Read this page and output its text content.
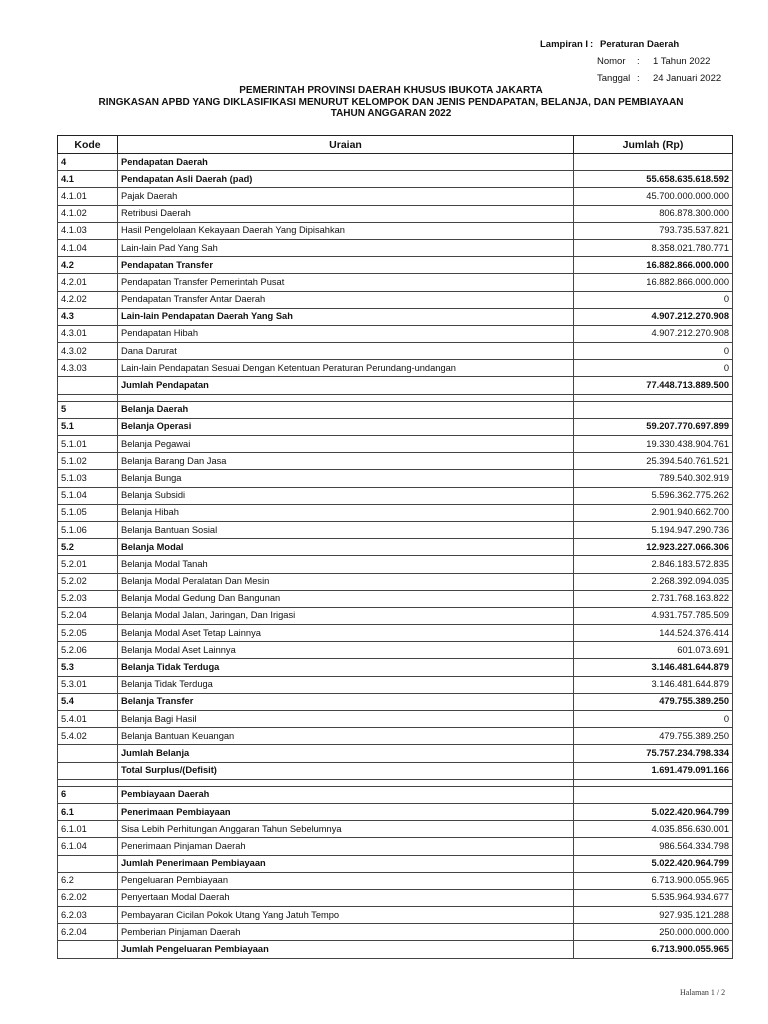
Lampiran I : Peraturan Daerah
Nomor	:	1 Tahun 2022
Tanggal :	24 Januari 2022
PEMERINTAH PROVINSI DAERAH KHUSUS IBUKOTA JAKARTA
RINGKASAN APBD YANG DIKLASIFIKASI MENURUT KELOMPOK DAN JENIS PENDAPATAN, BELANJA, DAN PEMBIAYAAN
TAHUN ANGGARAN 2022
Kode	Uraian	Jumlah (Rp)
4	Pendapatan Daerah	
4.1	Pendapatan Asli Daerah (pad)	55.658.635.618.592
4.1.01	Pajak Daerah	45.700.000.000.000
4.1.02	Retribusi Daerah	806.878.300.000
4.1.03	Hasil Pengelolaan Kekayaan Daerah Yang Dipisahkan	793.735.537.821
4.1.04	Lain-lain Pad Yang Sah	8.358.021.780.771
4.2	Pendapatan Transfer	16.882.866.000.000
4.2.01	Pendapatan Transfer Pemerintah Pusat	16.882.866.000.000
4.2.02	Pendapatan Transfer Antar Daerah	0
4.3	Lain-lain Pendapatan Daerah Yang Sah	4.907.212.270.908
4.3.01	Pendapatan Hibah	4.907.212.270.908
4.3.02	Dana Darurat	0
4.3.03	Lain-lain Pendapatan Sesuai Dengan Ketentuan Peraturan Perundang-undangan	0
	Jumlah Pendapatan	77.448.713.889.500

5	Belanja Daerah	
5.1	Belanja Operasi	59.207.770.697.899
5.1.01	Belanja Pegawai	19.330.438.904.761
5.1.02	Belanja Barang Dan Jasa	25.394.540.761.521
5.1.03	Belanja Bunga	789.540.302.919
5.1.04	Belanja Subsidi	5.596.362.775.262
5.1.05	Belanja Hibah	2.901.940.662.700
5.1.06	Belanja Bantuan Sosial	5.194.947.290.736
5.2	Belanja Modal	12.923.227.066.306
5.2.01	Belanja Modal Tanah	2.846.183.572.835
5.2.02	Belanja Modal Peralatan Dan Mesin	2.268.392.094.035
5.2.03	Belanja Modal Gedung Dan Bangunan	2.731.768.163.822
5.2.04	Belanja Modal Jalan, Jaringan, Dan Irigasi	4.931.757.785.509
5.2.05	Belanja Modal Aset Tetap Lainnya	144.524.376.414
5.2.06	Belanja Modal Aset Lainnya	601.073.691
5.3	Belanja Tidak Terduga	3.146.481.644.879
5.3.01	Belanja Tidak Terduga	3.146.481.644.879
5.4	Belanja Transfer	479.755.389.250
5.4.01	Belanja Bagi Hasil	0
5.4.02	Belanja Bantuan Keuangan	479.755.389.250
	Jumlah Belanja	75.757.234.798.334
	Total Surplus/(Defisit)	1.691.479.091.166

6	Pembiayaan Daerah	
6.1	Penerimaan Pembiayaan	5.022.420.964.799
6.1.01	Sisa Lebih Perhitungan Anggaran Tahun Sebelumnya	4.035.856.630.001
6.1.04	Penerimaan Pinjaman Daerah	986.564.334.798
	Jumlah Penerimaan Pembiayaan	5.022.420.964.799
6.2	Pengeluaran Pembiayaan	6.713.900.055.965
6.2.02	Penyertaan Modal Daerah	5.535.964.934.677
6.2.03	Pembayaran Cicilan Pokok Utang Yang Jatuh Tempo	927.935.121.288
6.2.04	Pemberian Pinjaman Daerah	250.000.000.000
	Jumlah Pengeluaran Pembiayaan	6.713.900.055.965
Halaman 1 / 2
